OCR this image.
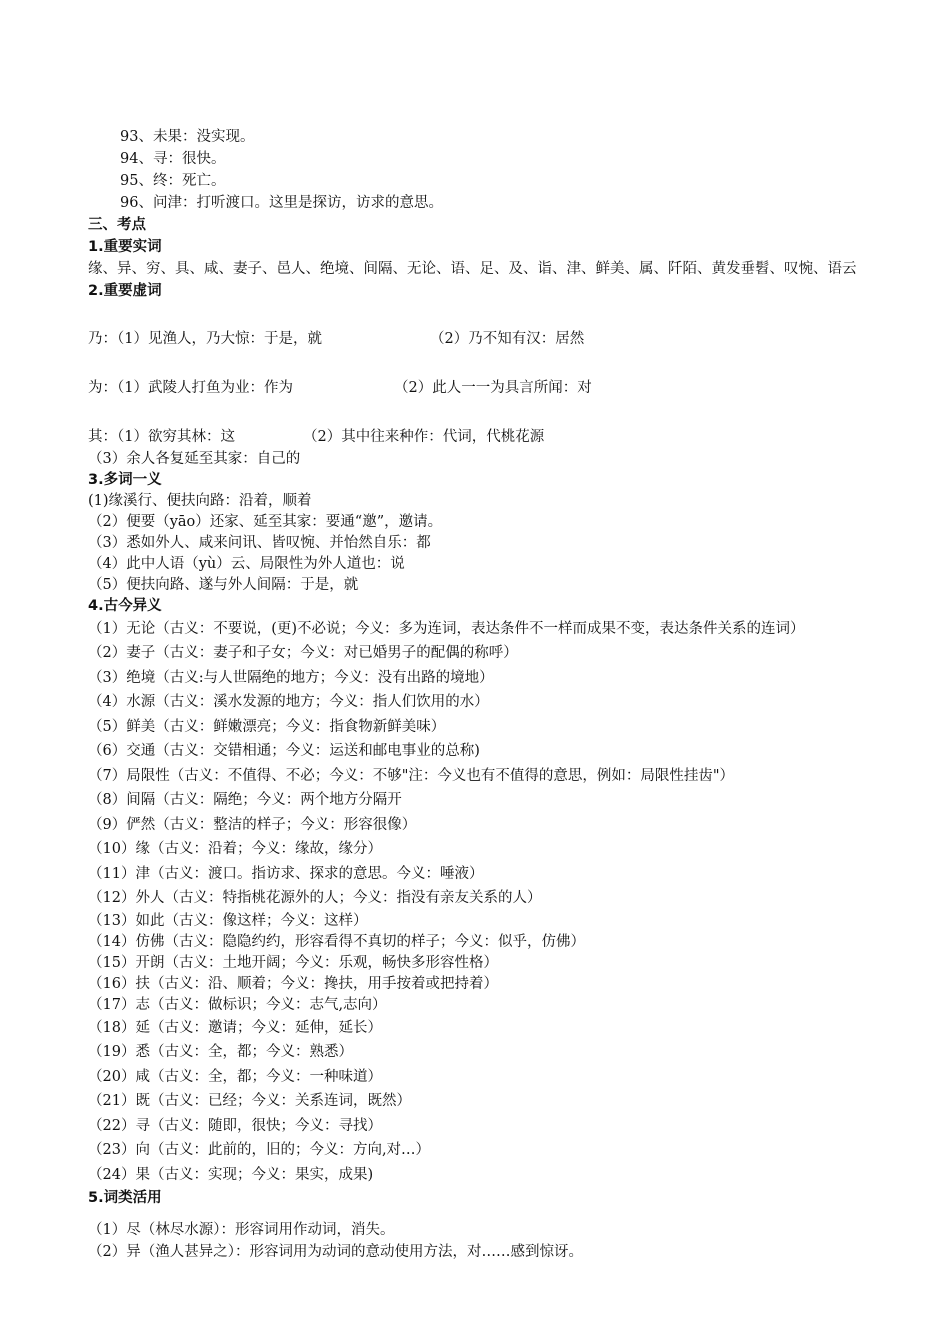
93、未果：没实现。
94、寻：很快。
95、终：死亡。
96、问津：打听渡口。这里是探访，访求的意思。
三、考点
1.重要实词
缘、异、穷、具、咸、妻子、邑人、绝境、间隔、无论、语、足、及、诣、津、鲜美、属、阡陌、黄发垂髫、叹惋、语云
2.重要虚词
乃：（1）见渔人，乃大惊：于是，就	（2）乃不知有汉：居然
为：（1）武陵人打鱼为业：作为	（2）此人一一为具言所闻：对
其：（1）欲穷其林：这	（2）其中往来种作：代词，代桃花源
（3）余人各复延至其家：自己的
3.多词一义
(1)缘溪行、便扶向路：沿着，顺着
（2）便要（yāo）还家、延至其家：要通“邀”，邀请。
（3）悉如外人、咸来问讯、皆叹惋、并怡然自乐：都
（4）此中人语（yù）云、局限性为外人道也：说
（5）便扶向路、遂与外人间隔：于是，就
4.古今异义
（1）无论（古义：不要说，(更)不必说；今义：多为连词，表达条件不一样而成果不变，表达条件关系的连词）
（2）妻子（古义：妻子和子女；今义：对已婚男子的配偶的称呼）
（3）绝境（古义:与人世隔绝的地方；今义：没有出路的境地）
（4）水源（古义：溪水发源的地方；今义：指人们饮用的水）
（5）鲜美（古义：鲜嫩漂亮；今义：指食物新鲜美味）
（6）交通（古义：交错相通；今义：运送和邮电事业的总称)
（7）局限性（古义：不值得、不必；今义：不够"注：今义也有不值得的意思，例如：局限性挂齿"）
（8）间隔（古义：隔绝；今义：两个地方分隔开
（9）俨然（古义：整洁的样子；今义：形容很像）
（10）缘（古义：沿着；今义：缘故，缘分）
（11）津（古义：渡口。指访求、探求的意思。今义：唾液）
（12）外人（古义：特指桃花源外的人；今义：指没有亲友关系的人）
（13）如此（古义：像这样；今义：这样）
（14）仿佛（古义：隐隐约约，形容看得不真切的样子；今义：似乎，仿佛）
（15）开朗（古义：土地开阔；今义：乐观，畅快多形容性格）
（16）扶（古义：沿、顺着；今义：搀扶，用手按着或把持着）
（17）志（古义：做标识；今义：志气,志向）
（18）延（古义：邀请；今义：延伸，延长）
（19）悉（古义：全，都；今义：熟悉）
（20）咸（古义：全，都；今义：一种味道）
（21）既（古义：已经；今义：关系连词，既然）
（22）寻（古义：随即，很快；今义：寻找）
（23）向（古义：此前的，旧的；今义：方向,对…）
（24）果（古义：实现；今义：果实，成果)
5.词类活用
（1）尽（林尽水源）：形容词用作动词，消失。
（2）异（渔人甚异之）：形容词用为动词的意动使用方法，对……感到惊讶。
